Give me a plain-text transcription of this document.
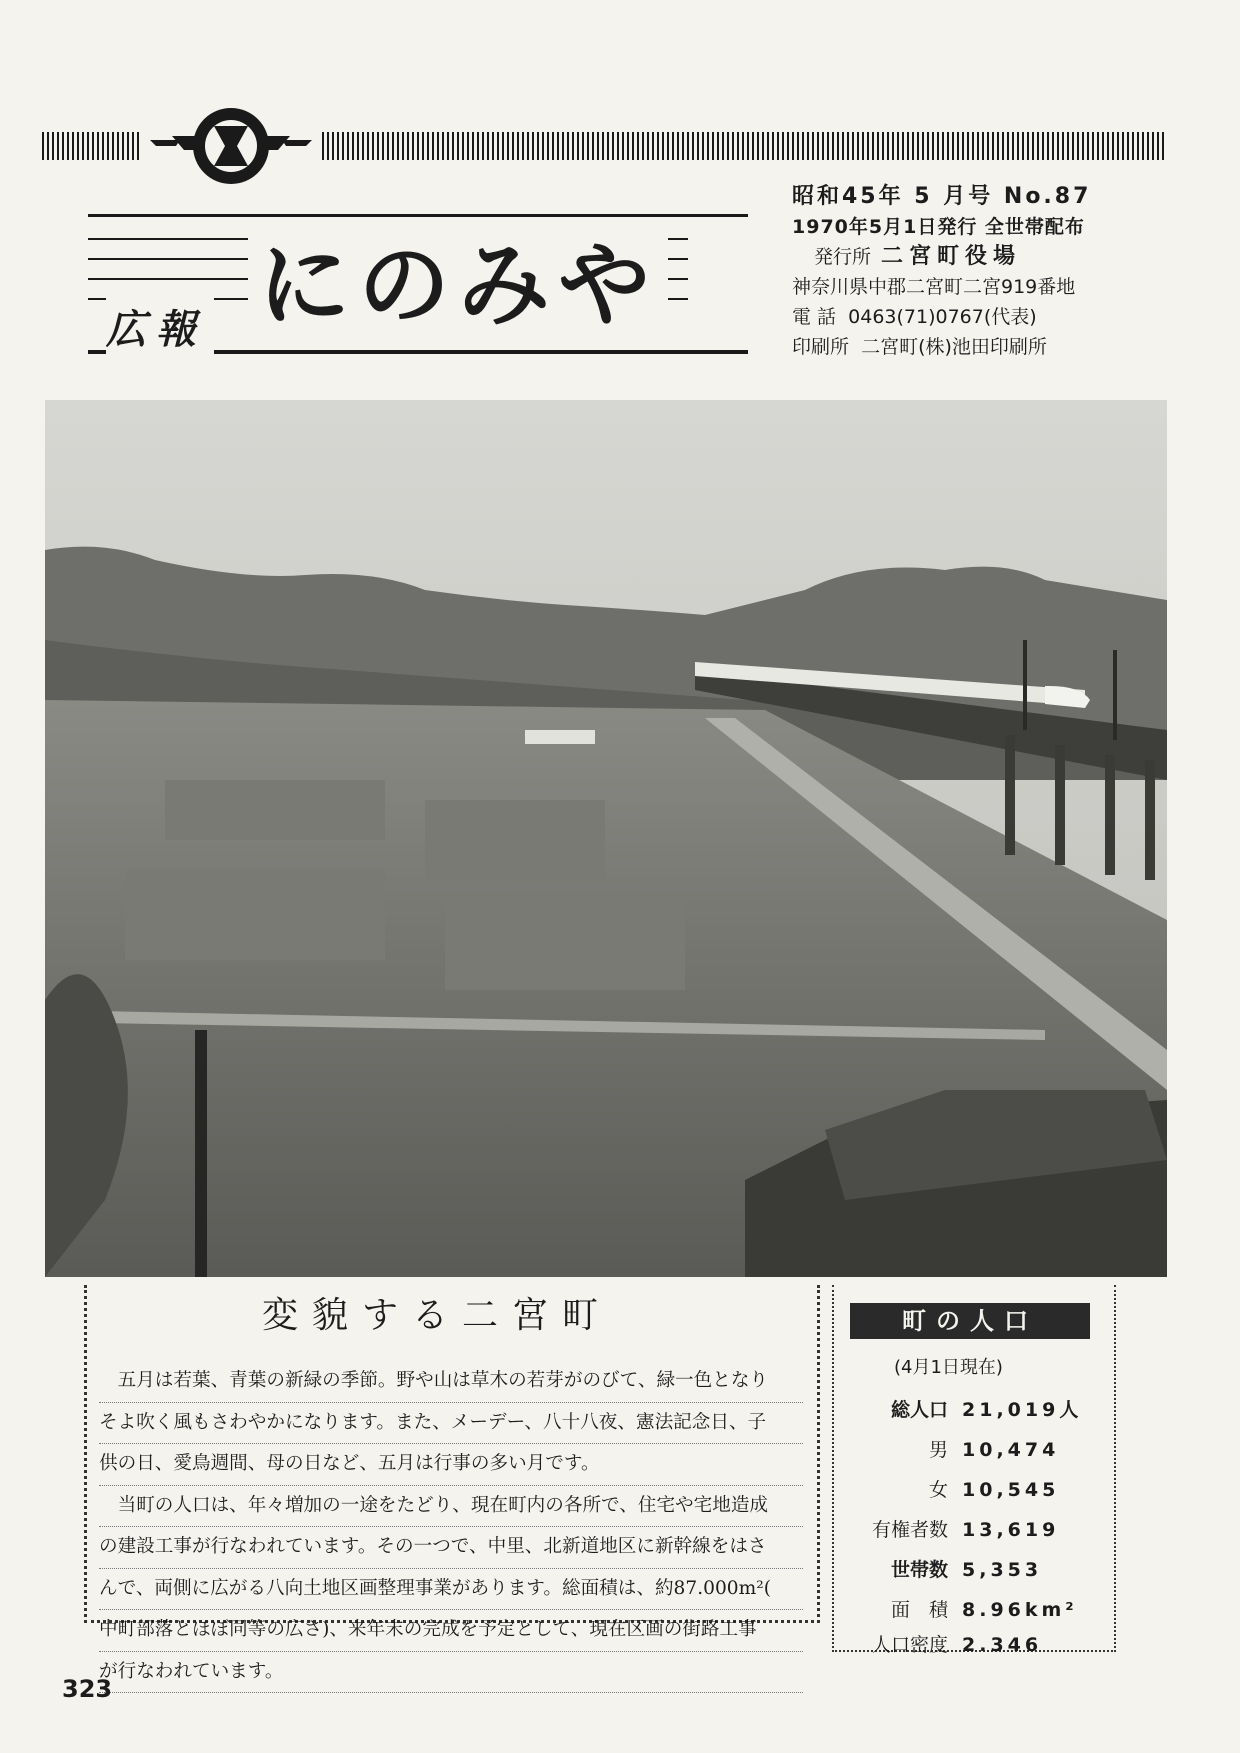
広報 にのみや
昭和45年 5 月号 No.87
1970年5月1日発行 全世帯配布
発行所 二宮町役場
神奈川県中郡二宮町二宮919番地
電 話 0463(71)0767(代表)
印刷所 二宮町(株)池田印刷所
変貌する二宮町
五月は若葉、青葉の新緑の季節。野や山は草木の若芽がのびて、緑一色となり
そよ吹く風もさわやかになります。また、メーデー、八十八夜、憲法記念日、子
供の日、愛鳥週間、母の日など、五月は行事の多い月です。
当町の人口は、年々増加の一途をたどり、現在町内の各所で、住宅や宅地造成
の建設工事が行なわれています。その一つで、中里、北新道地区に新幹線をはさ
んで、両側に広がる八向土地区画整理事業があります。総面積は、約87.000m²(
中町部落とほぼ同等の広さ)、来年末の完成を予定として、現在区画の街路工事
が行なわれています。
町の人口
(4月1日現在)
総人口 21,019人
男 10,474
女 10,545
有権者数 13,619
世帯数 5,353
面　積 8.96km²
人口密度 2.346
323
